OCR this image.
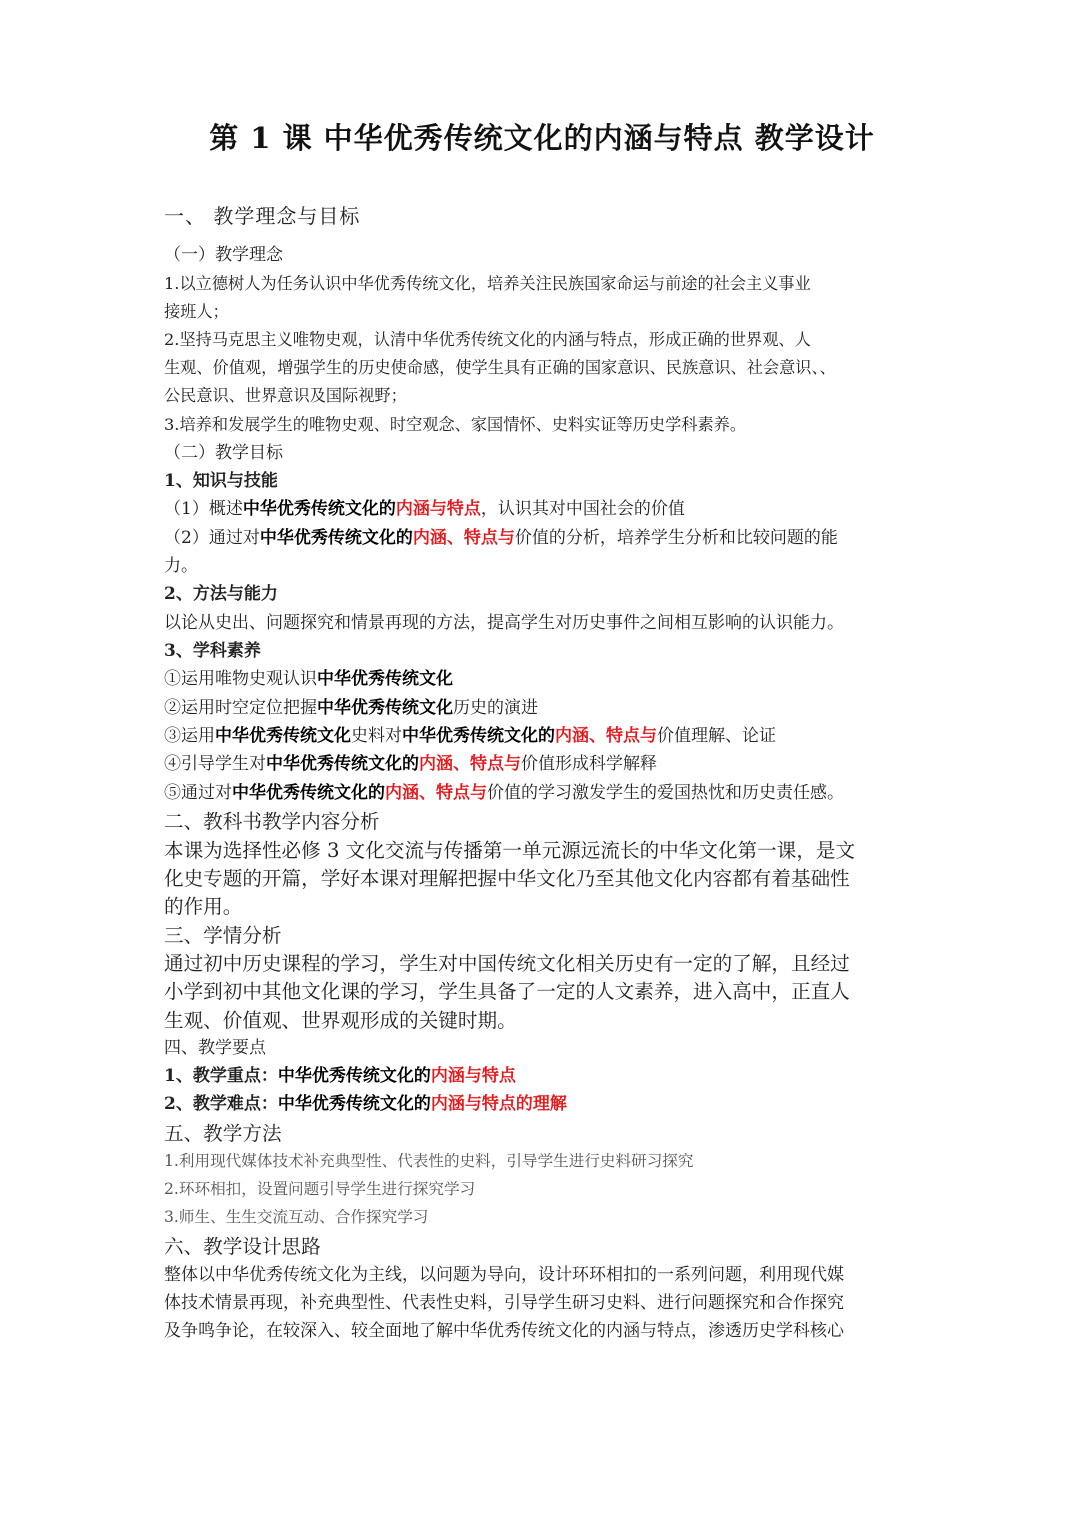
第 1 课 中华优秀传统文化的内涵与特点 教学设计
一、 教学理念与目标
（一）教学理念
1.以立德树人为任务认识中华优秀传统文化，培养关注民族国家命运与前途的社会主义事业
接班人；
2.坚持马克思主义唯物史观，认清中华优秀传统文化的内涵与特点，形成正确的世界观、人
生观、价值观，增强学生的历史使命感，使学生具有正确的国家意识、民族意识、社会意识、、
公民意识、世界意识及国际视野；
3.培养和发展学生的唯物史观、时空观念、家国情怀、史料实证等历史学科素养。
（二）教学目标
1、知识与技能
（1）概述中华优秀传统文化的内涵与特点，认识其对中国社会的价值
（2）通过对中华优秀传统文化的内涵、特点与价值的分析，培养学生分析和比较问题的能
力。
2、方法与能力
以论从史出、问题探究和情景再现的方法，提高学生对历史事件之间相互影响的认识能力。
3、学科素养
①运用唯物史观认识中华优秀传统文化
②运用时空定位把握中华优秀传统文化历史的演进
③运用中华优秀传统文化史料对中华优秀传统文化的内涵、特点与价值理解、论证
④引导学生对中华优秀传统文化的内涵、特点与价值形成科学解释
⑤通过对中华优秀传统文化的内涵、特点与价值的学习激发学生的爱国热忱和历史责任感。
二、教科书教学内容分析
本课为选择性必修 3 文化交流与传播第一单元源远流长的中华文化第一课，是文
化史专题的开篇，学好本课对理解把握中华文化乃至其他文化内容都有着基础性
的作用。
三、学情分析
通过初中历史课程的学习，学生对中国传统文化相关历史有一定的了解，且经过
小学到初中其他文化课的学习，学生具备了一定的人文素养，进入高中，正直人
生观、价值观、世界观形成的关键时期。
四、教学要点
1、教学重点：中华优秀传统文化的内涵与特点
2、教学难点：中华优秀传统文化的内涵与特点的理解
五、教学方法
1.利用现代媒体技术补充典型性、代表性的史料，引导学生进行史料研习探究
2.环环相扣，设置问题引导学生进行探究学习
3.师生、生生交流互动、合作探究学习
六、教学设计思路
整体以中华优秀传统文化为主线，以问题为导向，设计环环相扣的一系列问题，利用现代媒
体技术情景再现，补充典型性、代表性史料，引导学生研习史料、进行问题探究和合作探究
及争鸣争论，在较深入、较全面地了解中华优秀传统文化的内涵与特点，渗透历史学科核心
